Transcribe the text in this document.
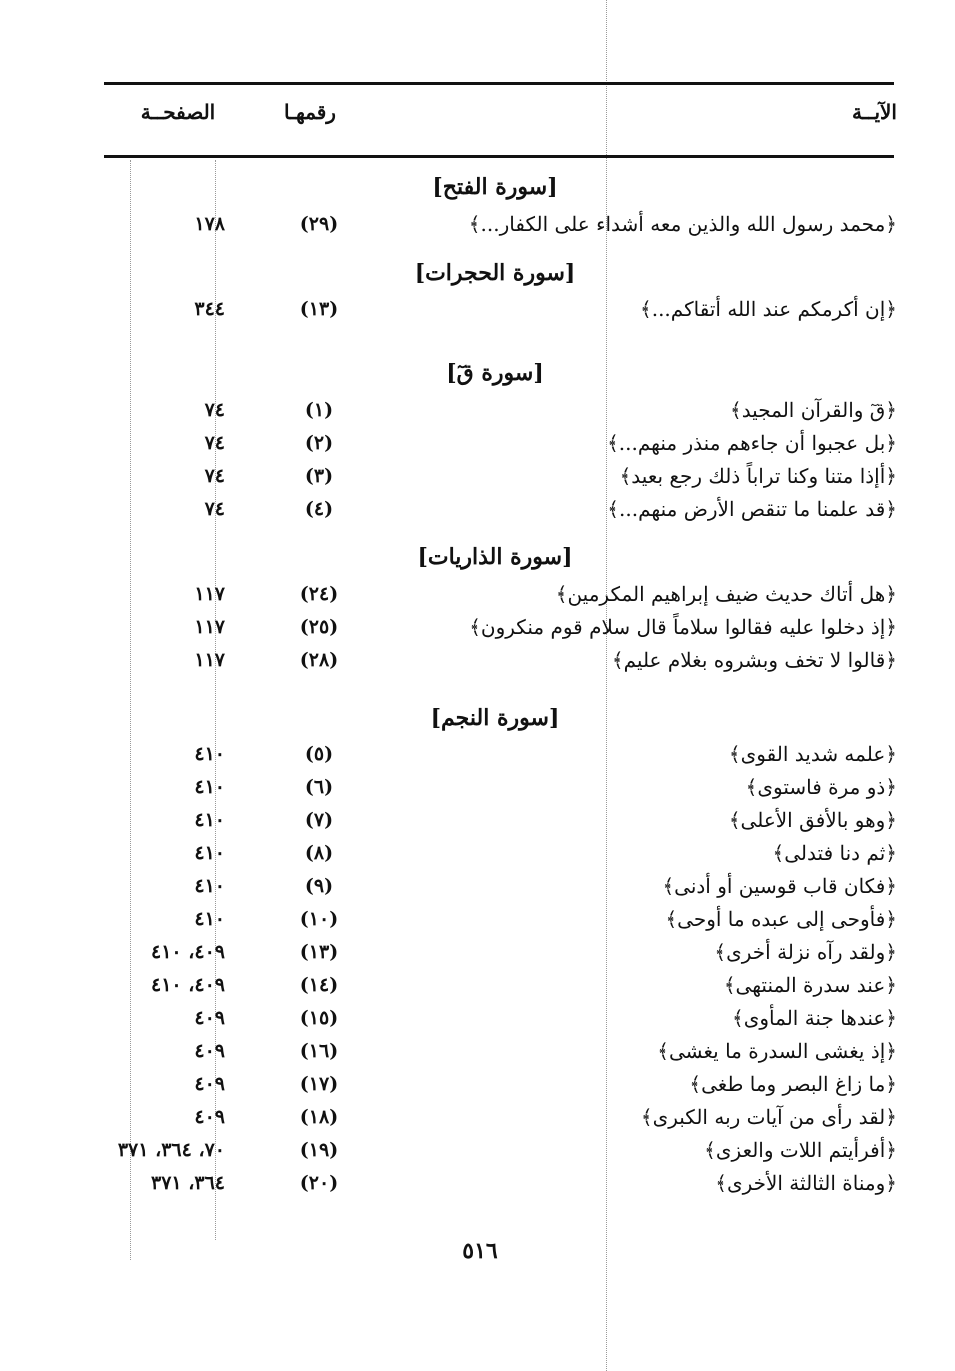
الآيــة
رقمهـا
الصفحــة
[سورة الفتح]
﴿محمد رسول الله والذين معه أشداء على الكفار...﴾
(٢٩)
١٧٨
[سورة الحجرات]
﴿إن أكرمكم عند الله أتقاكم...﴾
(١٣)
٣٤٤
[سورة قٓ]
﴿قٓ والقرآن المجيد﴾
(١)
٧٤
﴿بل عجبوا أن جاءهم منذر منهم...﴾
(٢)
٧٤
﴿أإذا متنا وكنا تراباً ذلك رجع بعيد﴾
(٣)
٧٤
﴿قد علمنا ما تنقص الأرض منهم...﴾
(٤)
٧٤
[سورة الذاريات]
﴿هل أتاك حديث ضيف إبراهيم المكرمين﴾
(٢٤)
١١٧
﴿إذ دخلوا عليه فقالوا سلاماً قال سلام قوم منكرون﴾
(٢٥)
١١٧
﴿قالوا لا تخف وبشروه بغلام عليم﴾
(٢٨)
١١٧
[سورة النجم]
﴿علمه شديد القوى﴾
(٥)
٤١٠
﴿ذو مرة فاستوى﴾
(٦)
٤١٠
﴿وهو بالأفق الأعلى﴾
(٧)
٤١٠
﴿ثم دنا فتدلى﴾
(٨)
٤١٠
﴿فكان قاب قوسين أو أدنى﴾
(٩)
٤١٠
﴿فأوحى إلى عبده ما أوحى﴾
(١٠)
٤١٠
﴿ولقد رآه نزلة أخرى﴾
(١٣)
٤٠٩، ٤١٠
﴿عند سدرة المنتهى﴾
(١٤)
٤٠٩، ٤١٠
﴿عندها جنة المأوى﴾
(١٥)
٤٠٩
﴿إذ يغشى السدرة ما يغشى﴾
(١٦)
٤٠٩
﴿ما زاغ البصر وما طغى﴾
(١٧)
٤٠٩
﴿لقد رأى من آيات ربه الكبرى﴾
(١٨)
٤٠٩
﴿أفرأيتم اللات والعزى﴾
(١٩)
٧٠، ٣٦٤، ٣٧١
﴿ومناة الثالثة الأخرى﴾
(٢٠)
٣٦٤، ٣٧١
٥١٦
